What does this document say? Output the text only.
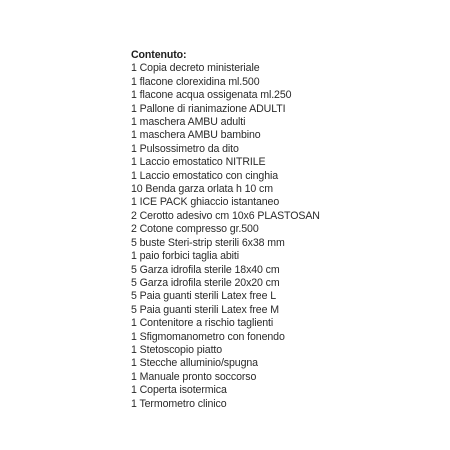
Contenuto:
1 Copia decreto ministeriale
1 flacone clorexidina ml.500
1 flacone acqua ossigenata ml.250
1 Pallone di rianimazione ADULTI
1 maschera AMBU adulti
1 maschera AMBU bambino
1 Pulsossimetro da dito
1 Laccio emostatico NITRILE
1 Laccio emostatico con cinghia
10 Benda garza orlata h 10 cm
1 ICE PACK ghiaccio istantaneo
2 Cerotto adesivo cm 10x6 PLASTOSAN
2 Cotone compresso gr.500
5 buste Steri-strip sterili 6x38 mm
1 paio forbici taglia abiti
5 Garza idrofila sterile 18x40 cm
5 Garza idrofila sterile 20x20 cm
5 Paia guanti sterili Latex free L
5 Paia guanti sterili Latex free M
1 Contenitore a rischio taglienti
1 Sfigmomanometro con fonendo
1 Stetoscopio piatto
1 Stecche alluminio/spugna
1 Manuale pronto soccorso
1 Coperta isotermica
1 Termometro clinico
